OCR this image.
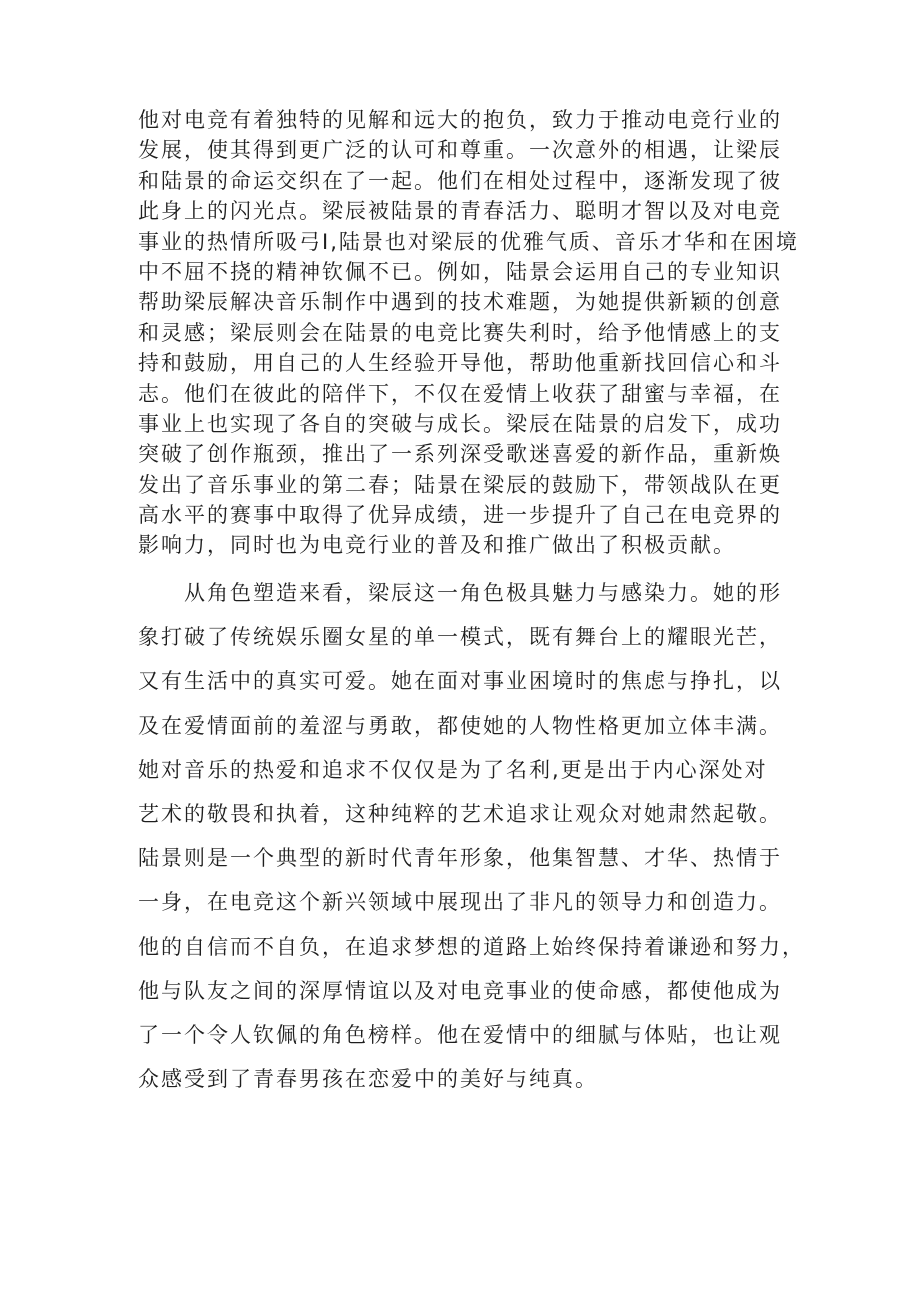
他对电竞有着独特的见解和远大的抱负，致力于推动电竞行业的
发展，使其得到更广泛的认可和尊重。一次意外的相遇，让梁辰
和陆景的命运交织在了一起。他们在相处过程中，逐渐发现了彼
此身上的闪光点。梁辰被陆景的青春活力、聪明才智以及对电竞
事业的热情所吸弓I,陆景也对梁辰的优雅气质、音乐才华和在困境
中不屈不挠的精神钦佩不已。例如，陆景会运用自己的专业知识
帮助梁辰解决音乐制作中遇到的技术难题，为她提供新颖的创意
和灵感；梁辰则会在陆景的电竞比赛失利时，给予他情感上的支
持和鼓励，用自己的人生经验开导他，帮助他重新找回信心和斗
志。他们在彼此的陪伴下，不仅在爱情上收获了甜蜜与幸福，在
事业上也实现了各自的突破与成长。梁辰在陆景的启发下，成功
突破了创作瓶颈，推出了一系列深受歌迷喜爱的新作品，重新焕
发出了音乐事业的第二春；陆景在梁辰的鼓励下，带领战队在更
高水平的赛事中取得了优异成绩，进一步提升了自己在电竞界的
影响力，同时也为电竞行业的普及和推广做出了积极贡献。
从角色塑造来看，梁辰这一角色极具魅力与感染力。她的形
象打破了传统娱乐圈女星的单一模式，既有舞台上的耀眼光芒，
又有生活中的真实可爱。她在面对事业困境时的焦虑与挣扎，以
及在爱情面前的羞涩与勇敢，都使她的人物性格更加立体丰满。
她对音乐的热爱和追求不仅仅是为了名利,更是出于内心深处对
艺术的敬畏和执着，这种纯粹的艺术追求让观众对她肃然起敬。
陆景则是一个典型的新时代青年形象，他集智慧、才华、热情于
一身，在电竞这个新兴领域中展现出了非凡的领导力和创造力。
他的自信而不自负，在追求梦想的道路上始终保持着谦逊和努力，
他与队友之间的深厚情谊以及对电竞事业的使命感，都使他成为
了一个令人钦佩的角色榜样。他在爱情中的细腻与体贴，也让观
众感受到了青春男孩在恋爱中的美好与纯真。
